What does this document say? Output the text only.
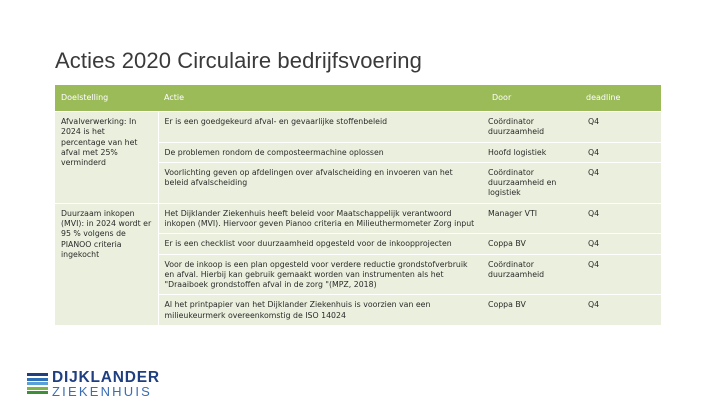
Acties 2020 Circulaire bedrijfsvoering
Doelstelling	Actie	Door	deadline
Afvalverwerking: In 2024 is het percentage van het afval met 25% verminderd	Er is een goedgekeurd afval- en gevaarlijke stoffenbeleid	Coördinator duurzaamheid	Q4
	De problemen rondom de composteermachine oplossen	Hoofd logistiek	Q4
	Voorlichting geven op afdelingen over afvalscheiding en invoeren van het beleid afvalscheiding	Coördinator duurzaamheid en logistiek	Q4
Duurzaam inkopen (MVI): in 2024 wordt er 95 % volgens de PIANOO criteria ingekocht	Het Dijklander Ziekenhuis heeft beleid voor Maatschappelijk verantwoord inkopen (MVI). Hiervoor geven Pianoo criteria en Milieuthermometer Zorg input	Manager VTI	Q4
	Er is een checklist voor duurzaamheid opgesteld voor de inkoopprojecten	Coppa BV	Q4
	Voor de inkoop is een plan opgesteld voor verdere reductie grondstofverbruik en afval. Hierbij kan gebruik gemaakt worden van instrumenten als het "Draaiboek grondstoffen afval in de zorg "(MPZ, 2018)	Coördinator duurzaamheid	Q4
	Al het printpapier van het Dijklander Ziekenhuis is voorzien van een milieukeurmerk overeenkomstig de ISO 14024	Coppa BV	Q4
DIJKLANDER
ZIEKENHUIS
